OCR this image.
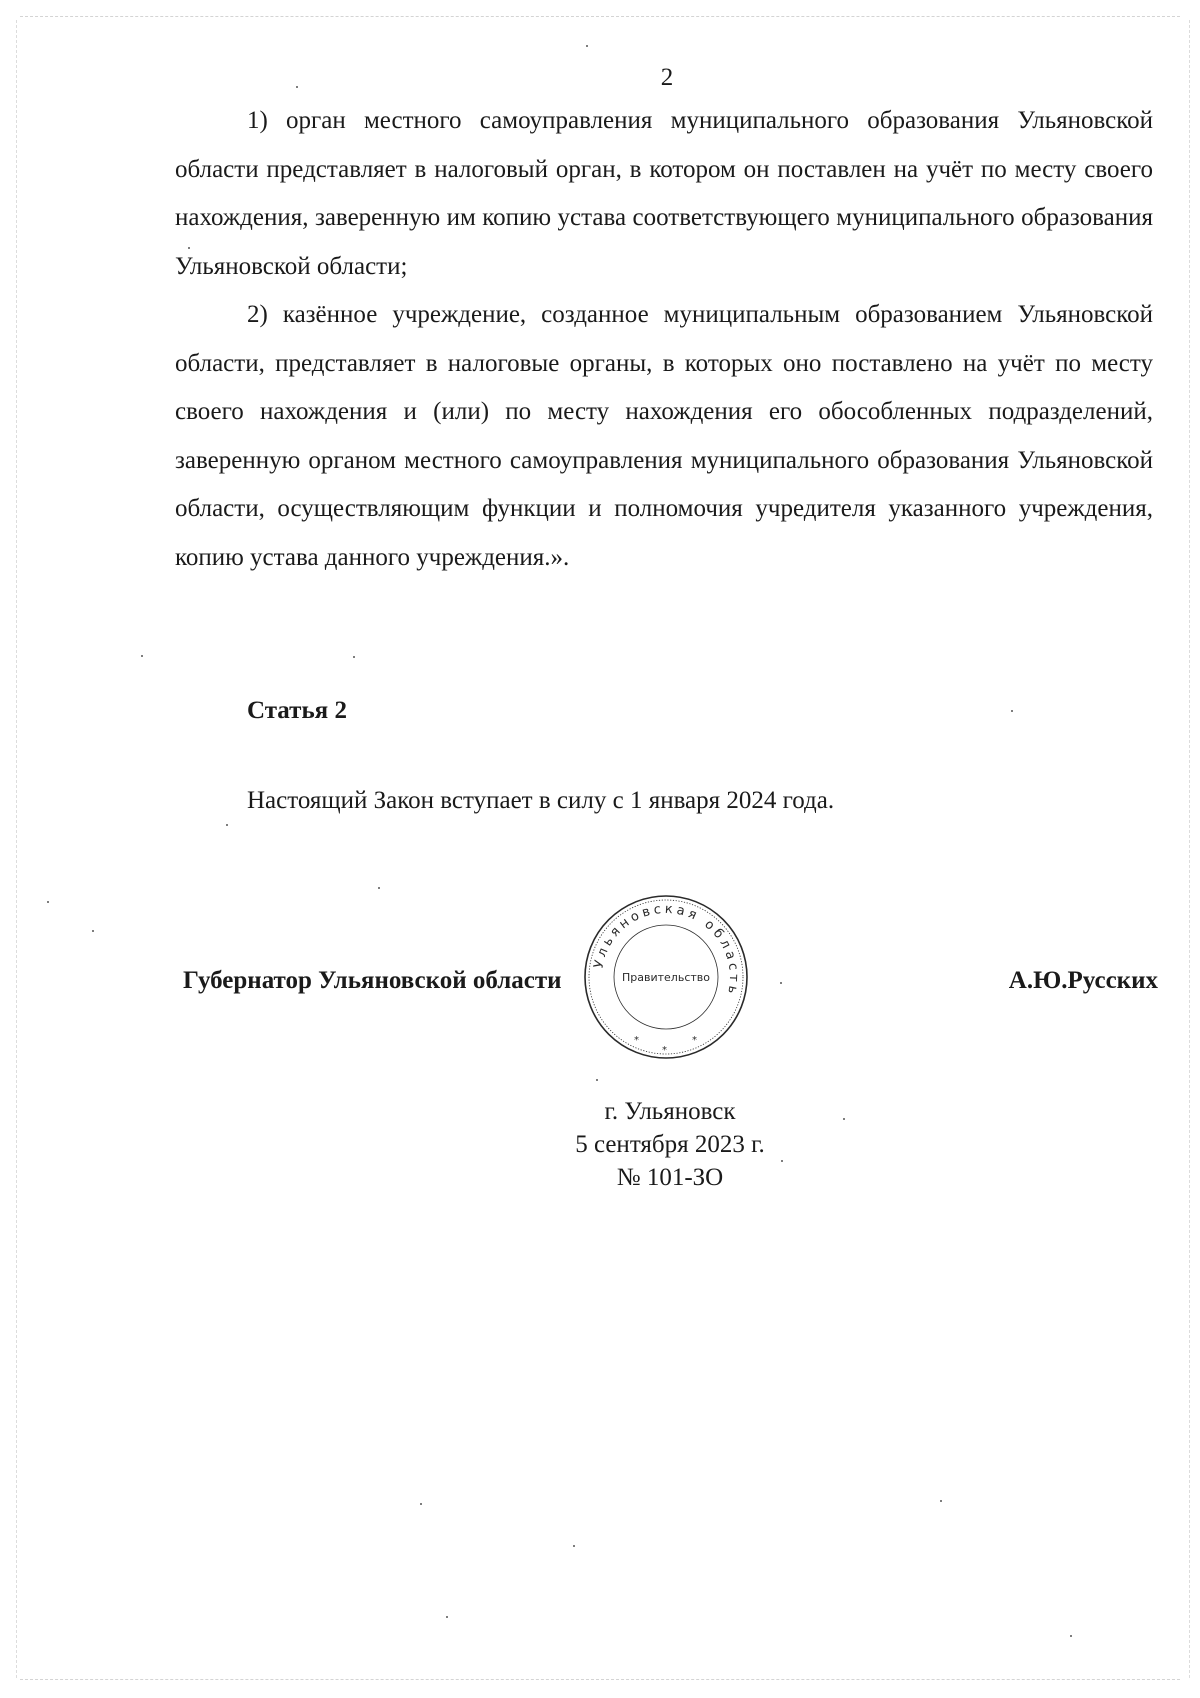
2

1) орган местного самоуправления муниципального образования Ульяновской области представляет в налоговый орган, в котором он поставлен на учёт по месту своего нахождения, заверенную им копию устава соответствующего муниципального образования Ульяновской области;

2) казённое учреждение, созданное муниципальным образованием Ульяновской области, представляет в налоговые органы, в которых оно поставлено на учёт по месту своего нахождения и (или) по месту нахождения его обособленных подразделений, заверенную органом местного самоуправления муниципального образования Ульяновской области, осуществляющим функции и полномочия учредителя указанного учреждения, копию устава данного учреждения.».

Статья 2
Настоящий Закон вступает в силу с 1 января 2024 года.
Губернатор Ульяновской области
Ульяновская область
Правительство
*
*
*
А.Ю.Русских
г. Ульяновск
5 сентября 2023 г.
№ 101-ЗО
